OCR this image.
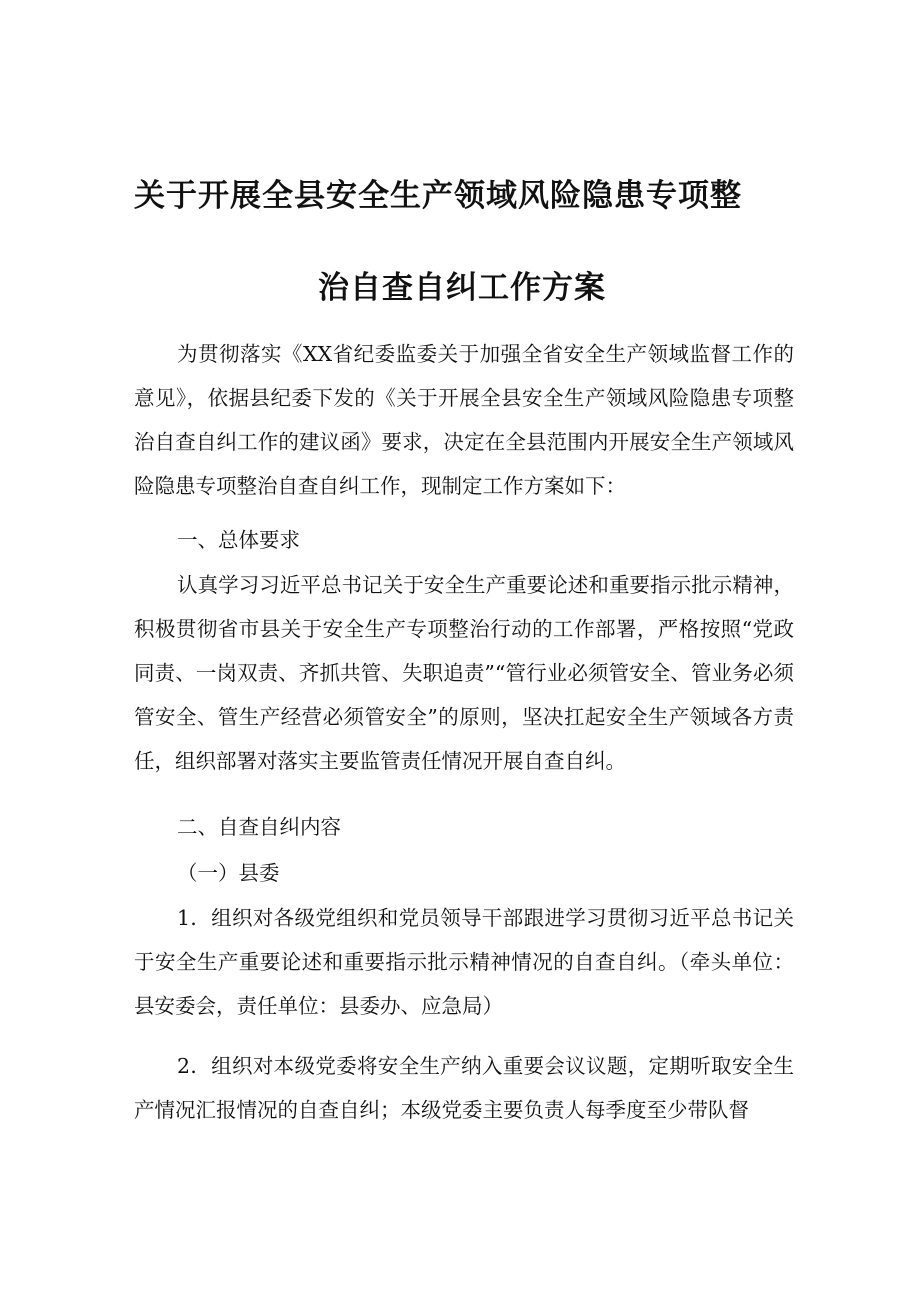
关于开展全县安全生产领域风险隐患专项整
治自查自纠工作方案

为贯彻落实《XX省纪委监委关于加强全省安全生产领域监督工作的意见》，依据县纪委下发的《关于开展全县安全生产领域风险隐患专项整治自查自纠工作的建议函》要求，决定在全县范围内开展安全生产领域风险隐患专项整治自查自纠工作，现制定工作方案如下：

一、总体要求

认真学习习近平总书记关于安全生产重要论述和重要指示批示精神，积极贯彻省市县关于安全生产专项整治行动的工作部署，严格按照“党政同责、一岗双责、齐抓共管、失职追责”“管行业必须管安全、管业务必须管安全、管生产经营必须管安全”的原则，坚决扛起安全生产领域各方责任，组织部署对落实主要监管责任情况开展自查自纠。

二、自查自纠内容
（一）县委

1．组织对各级党组织和党员领导干部跟进学习贯彻习近平总书记关于安全生产重要论述和重要指示批示精神情况的自查自纠。（牵头单位：县安委会，责任单位：县委办、应急局）

2．组织对本级党委将安全生产纳入重要会议议题，定期听取安全生产情况汇报情况的自查自纠；本级党委主要负责人每季度至少带队督
